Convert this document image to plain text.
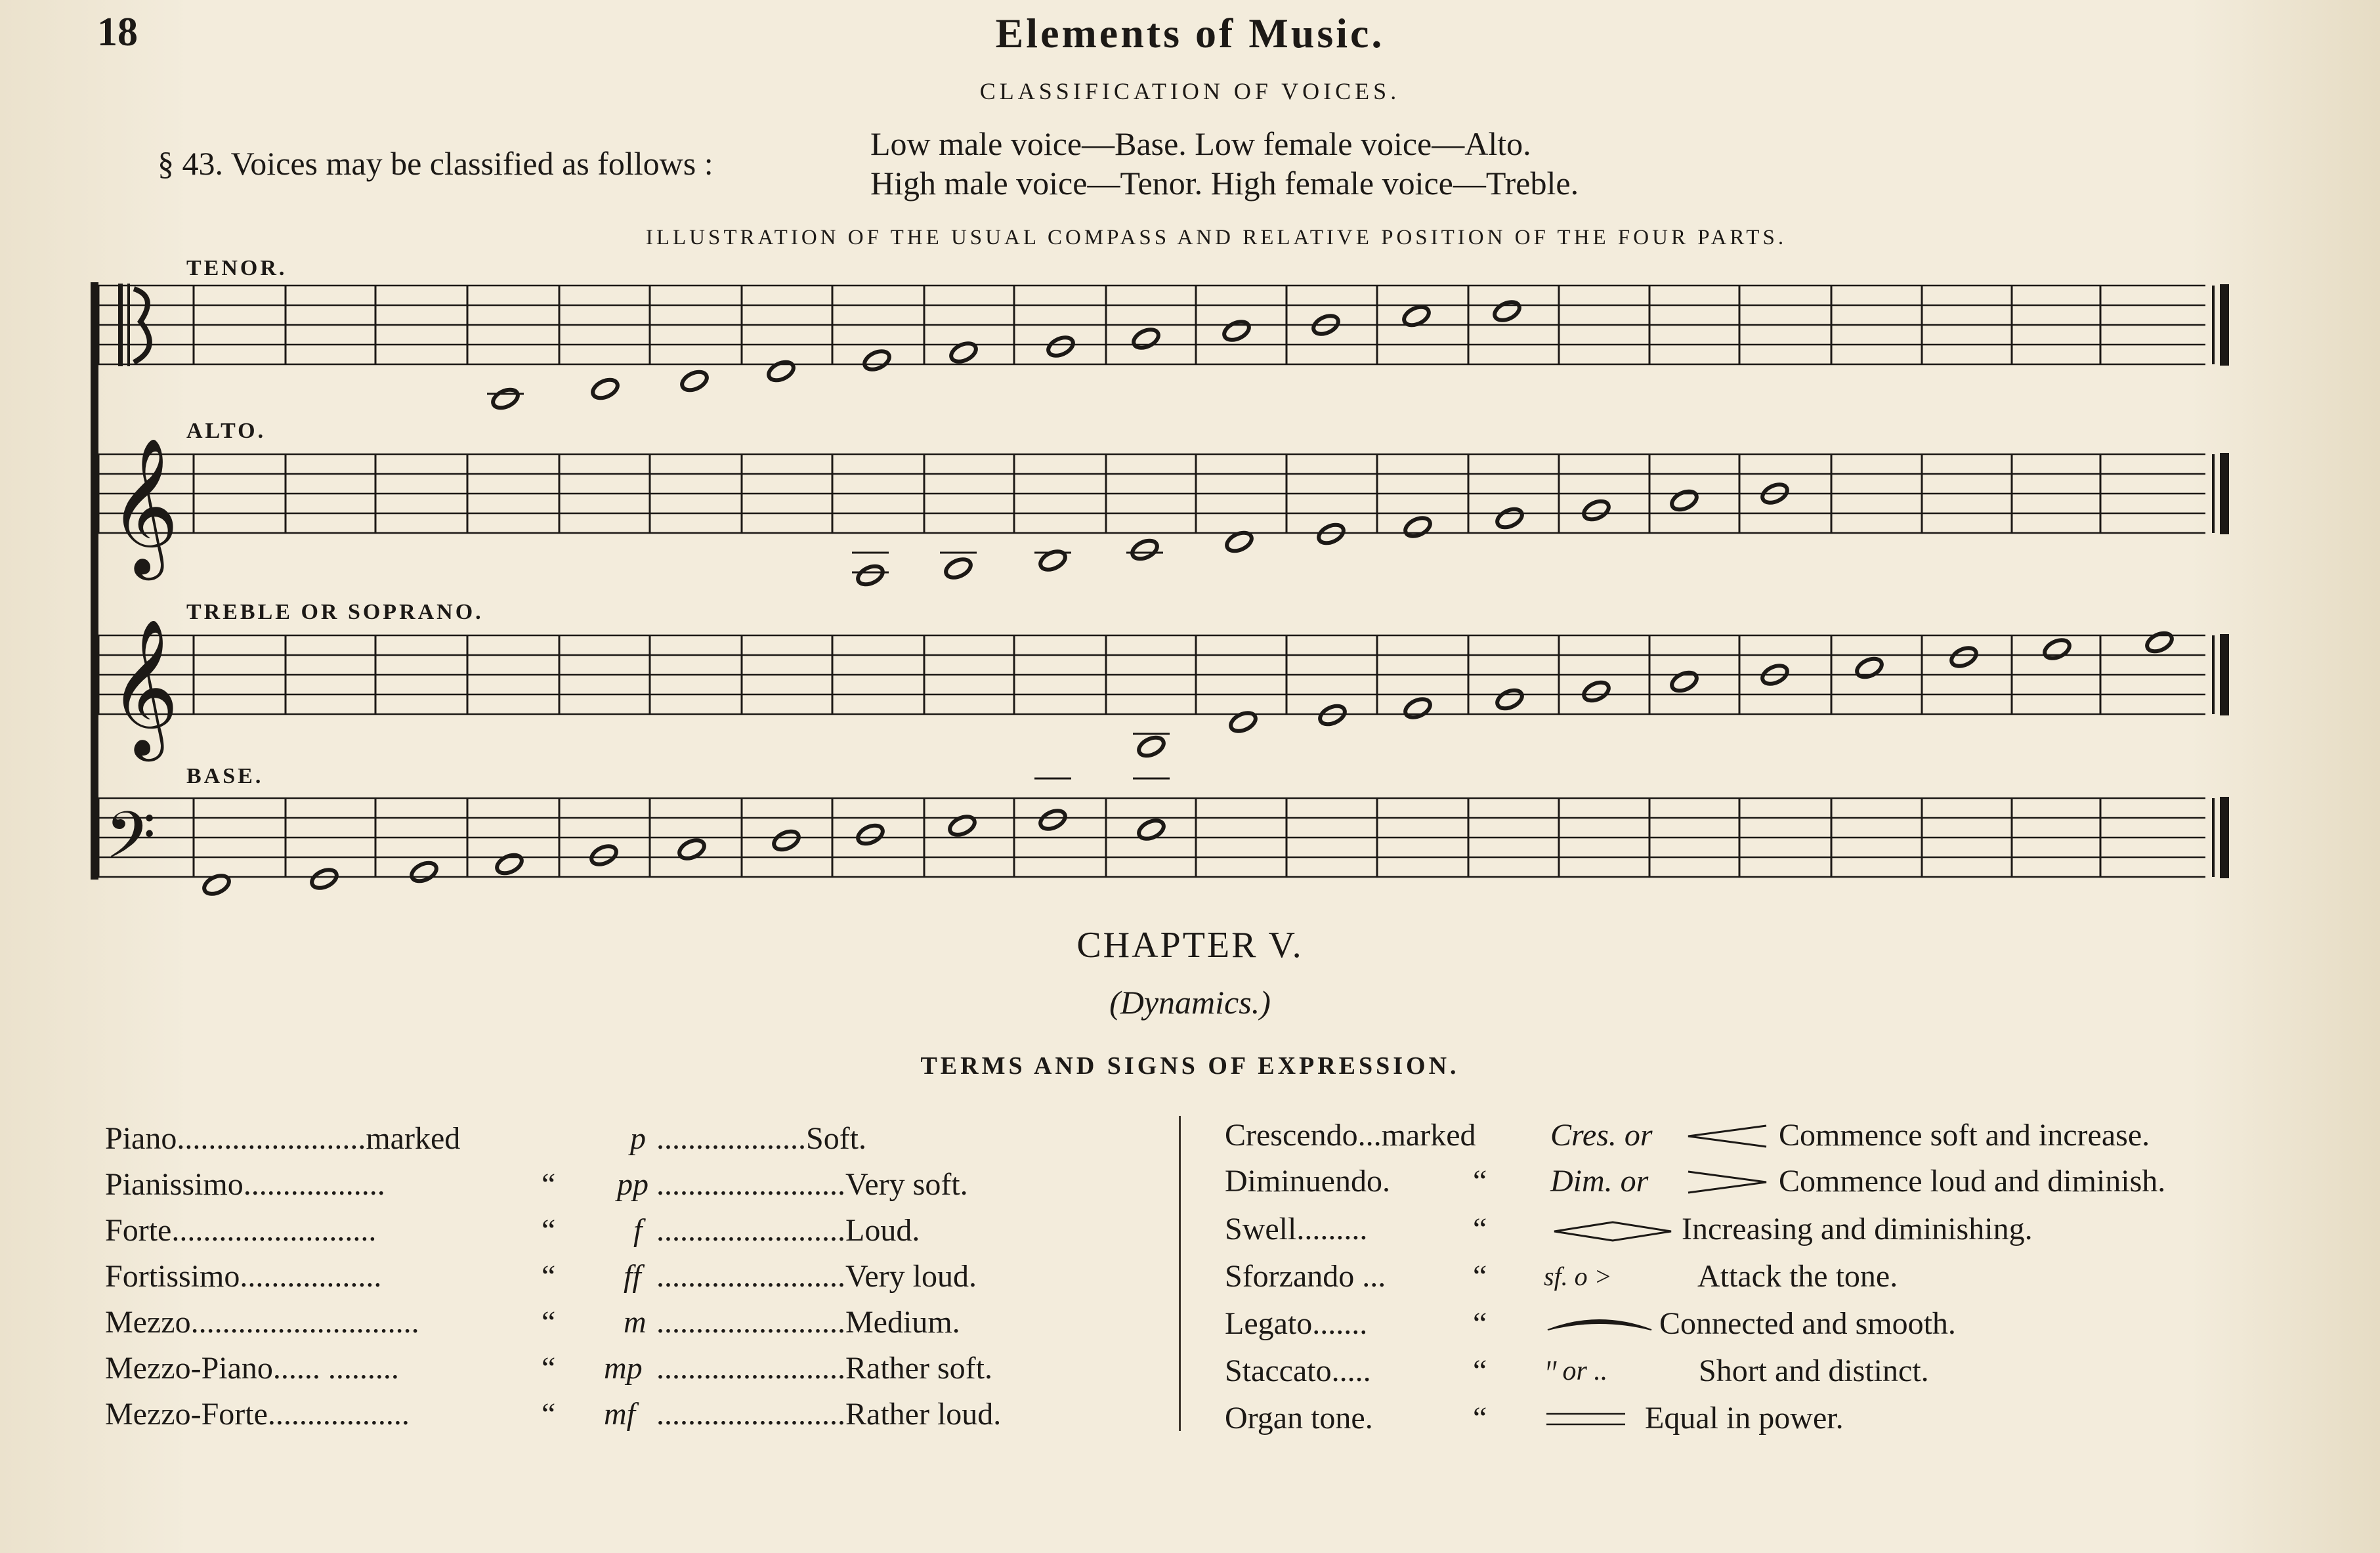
18	Elements of Music.
CLASSIFICATION OF VOICES.
§ 43. Voices may be classified as follows :
Low male voice—Base. Low female voice—Alto.
High male voice—Tenor. High female voice—Treble.
ILLUSTRATION OF THE USUAL COMPASS AND RELATIVE POSITION OF THE FOUR PARTS.
TENOR.
ALTO.
TREBLE OR SOPRANO.
BASE.
𝄞
𝄞
𝄢
CHAPTER V.
(Dynamics.)
TERMS AND SIGNS OF EXPRESSION.
Piano........................marked	p ...................Soft.
Pianissimo..................	“ pp ........................Very soft.
Forte..........................	“ f ........................Loud.
Fortissimo..................	“ ff ........................Very loud.
Mezzo.............................	“ m ........................Medium.
Mezzo-Piano...... .........	“ mp ........................Rather soft.
Mezzo-Forte..................	“ mf ........................Rather loud.
Crescendo...marked Cres. or	Commence soft and increase.
Diminuendo.	“ Dim. or	Commence loud and diminish.
Swell.........	“	Increasing and diminishing.
Sforzando ...	“ sf. o >	Attack the tone.
Legato.......	“	Connected and smooth.
Staccato.....	“ ꞌꞌ or ..	Short and distinct.
Organ tone.	“	Equal in power.
